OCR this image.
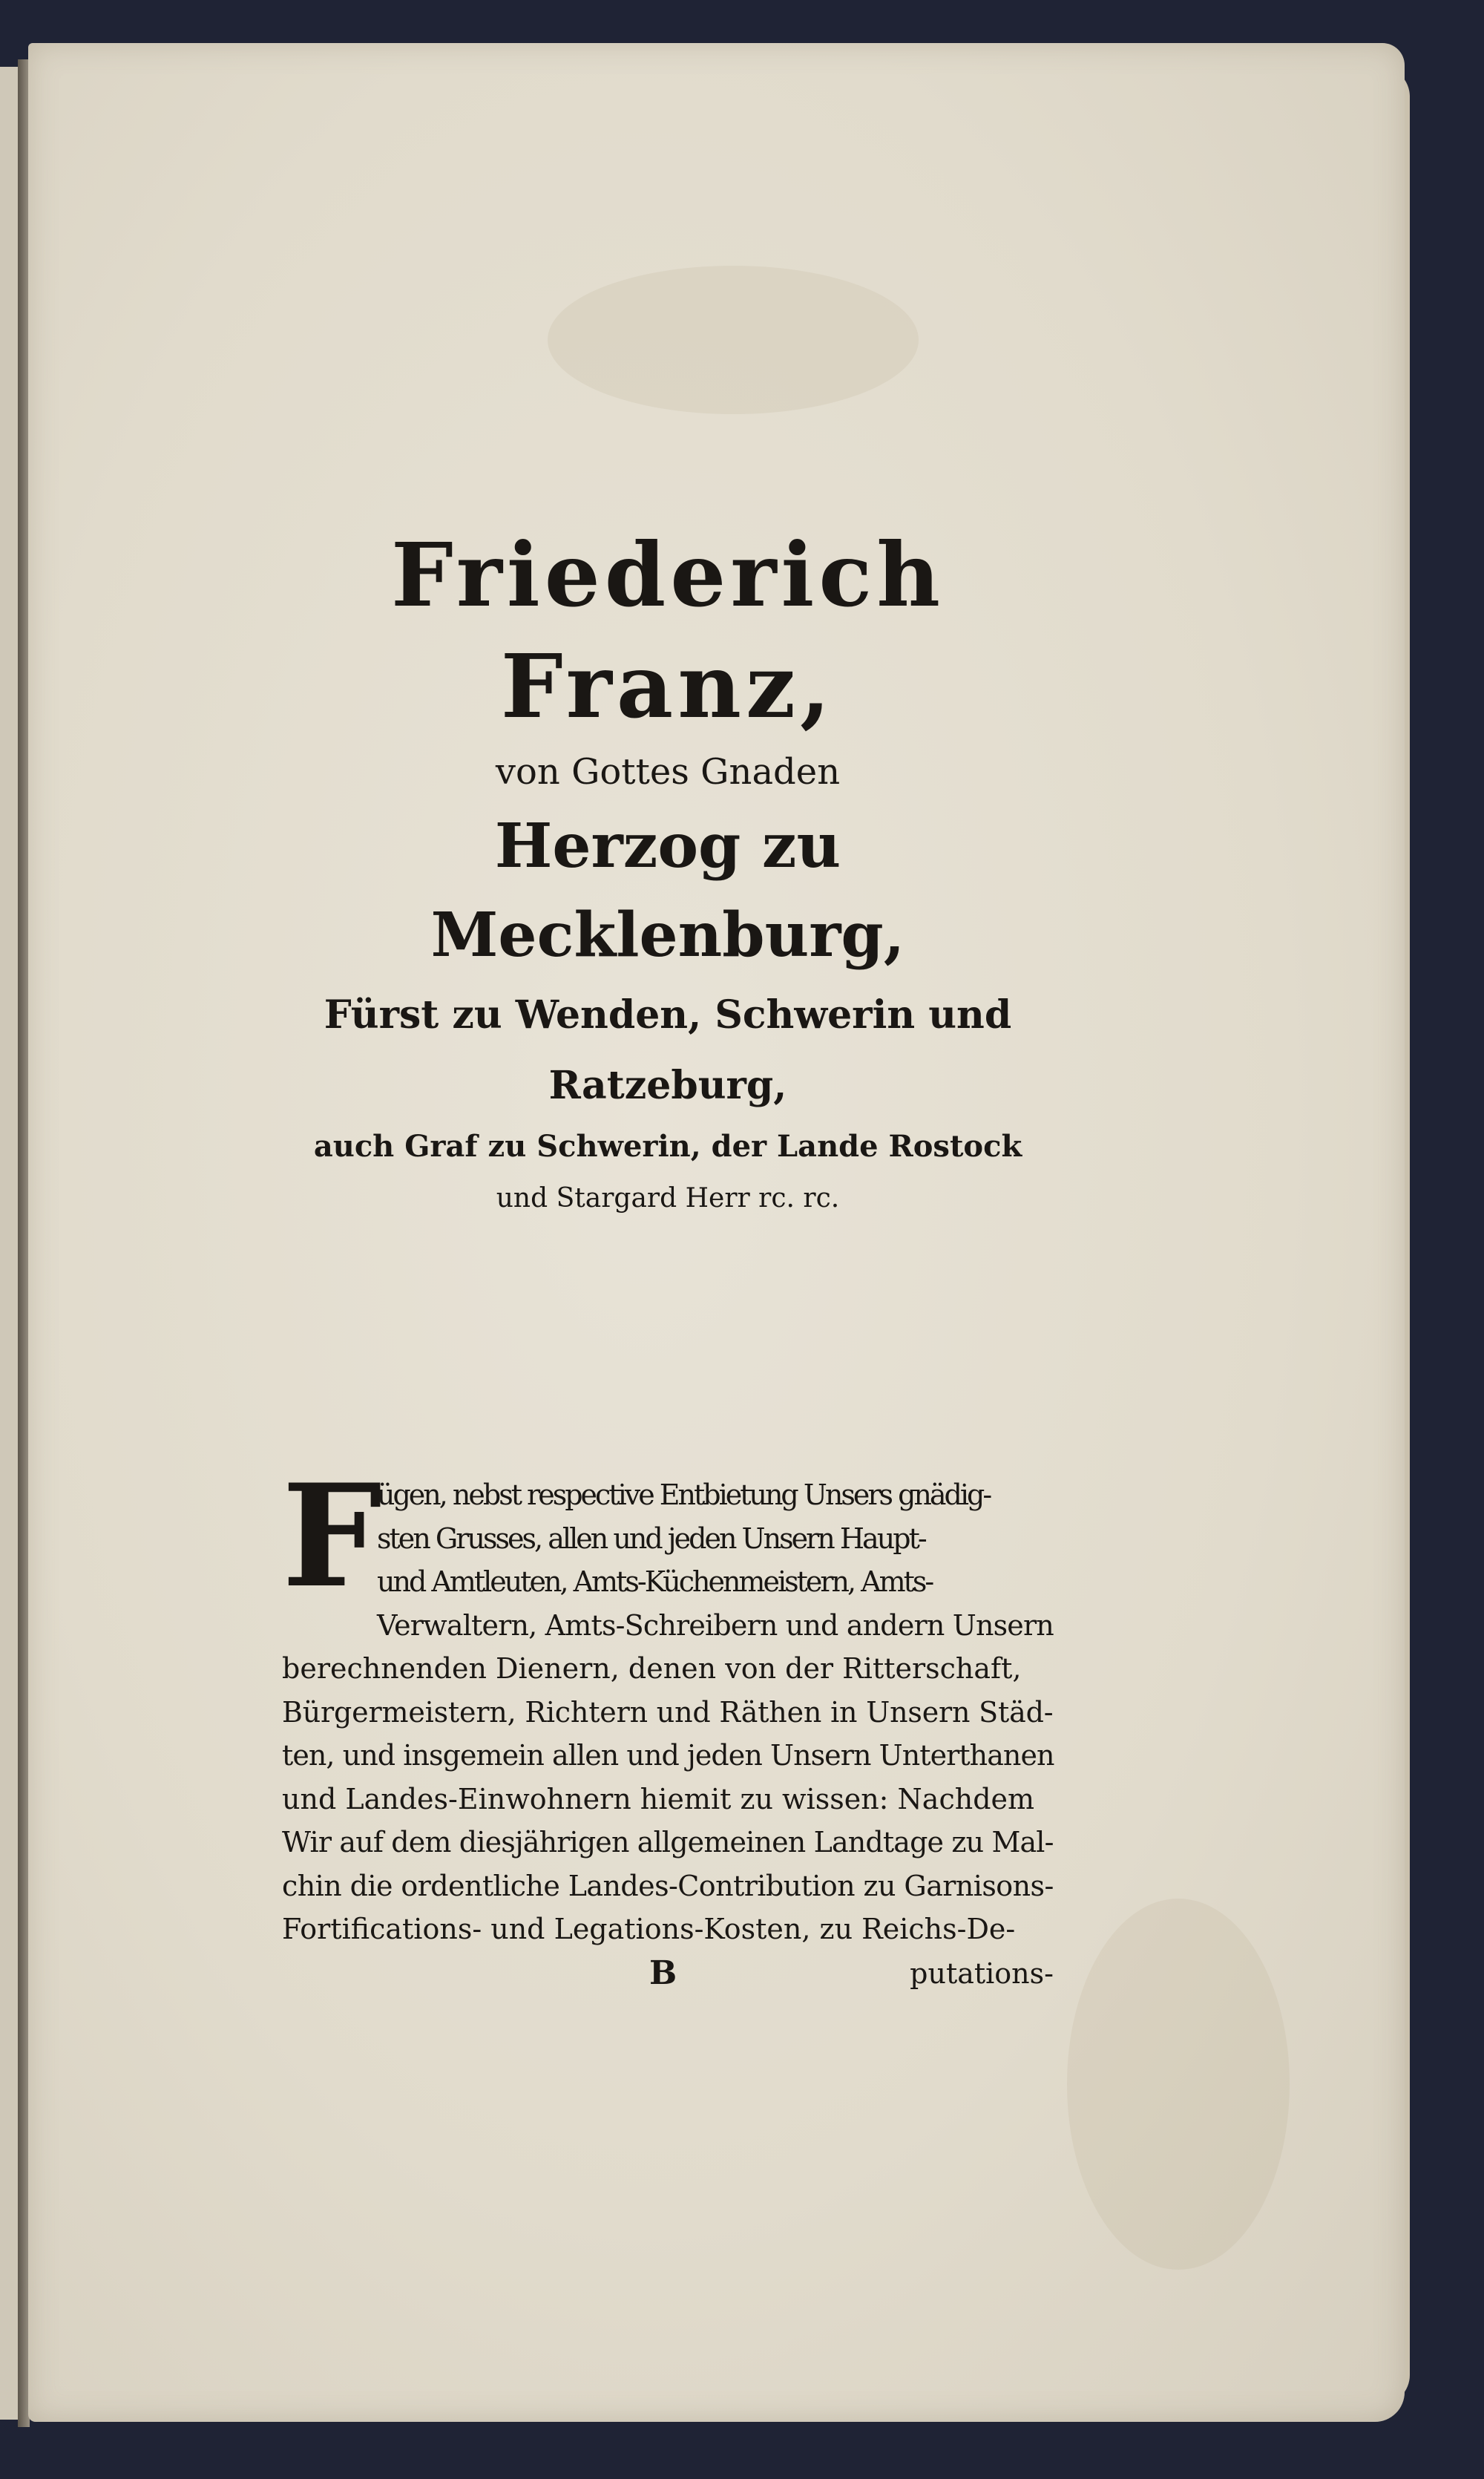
Friederich Franz,

von Gottes Gnaden

Herzog zu Mecklenburg,

Fürst zu Wenden, Schwerin und Ratzeburg,

auch Graf zu Schwerin, der Lande Rostock

und Stargard Herr rc. rc.

F
ügen, nebst respective Entbietung Unsers gnädig-
sten Grusses, allen und jeden Unsern Haupt-
und Amtleuten, Amts-Küchenmeistern, Amts-
Verwaltern, Amts-Schreibern und andern Unsern
berechnenden Dienern, denen von der Ritterschaft,
Bürgermeistern, Richtern und Räthen in Unsern Städ-
ten, und insgemein allen und jeden Unsern Unterthanen
und Landes-Einwohnern hiemit zu wissen: Nachdem
Wir auf dem diesjährigen allgemeinen Landtage zu Mal-
chin die ordentliche Landes-Contribution zu Garnisons-
Fortifications- und Legations-Kosten, zu Reichs-De-
B	putations-
